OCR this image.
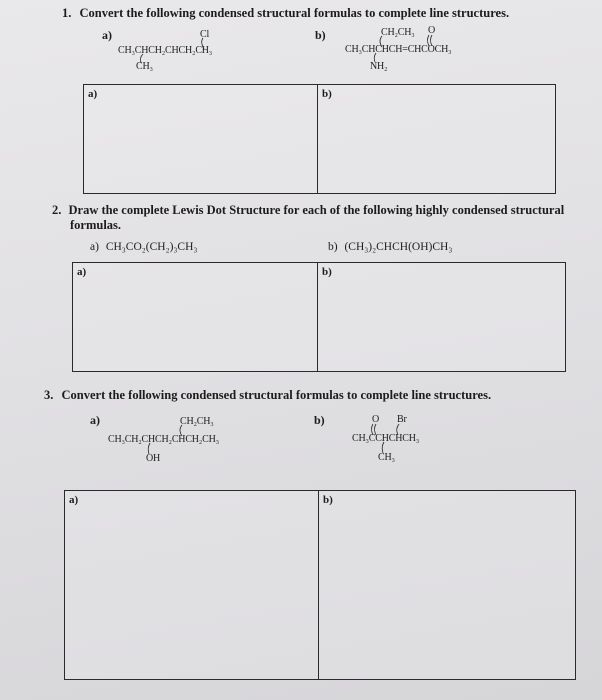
1. Convert the following condensed structural formulas to complete line structures.
a)	Cl
CH₃CHCH₂CHCH₂CH₃
CH₃
b)	CH₂CH₃ O
CH₃CHCHCH=CHCOCH₃
NH₂
a)	b)
2. Draw the complete Lewis Dot Structure for each of the following highly condensed structural
formulas.
a) CH₃CO₂(CH₂)₃CH₃	b) (CH₃)₂CHCH(OH)CH₃
a)	b)
3. Convert the following condensed structural formulas to complete line structures.
a)	CH₂CH₃
CH₃CH₂CHCH₂CHCH₂CH₃
OH
b)	O Br
CH₃CCHCHCH₃
CH₃
a)	b)
